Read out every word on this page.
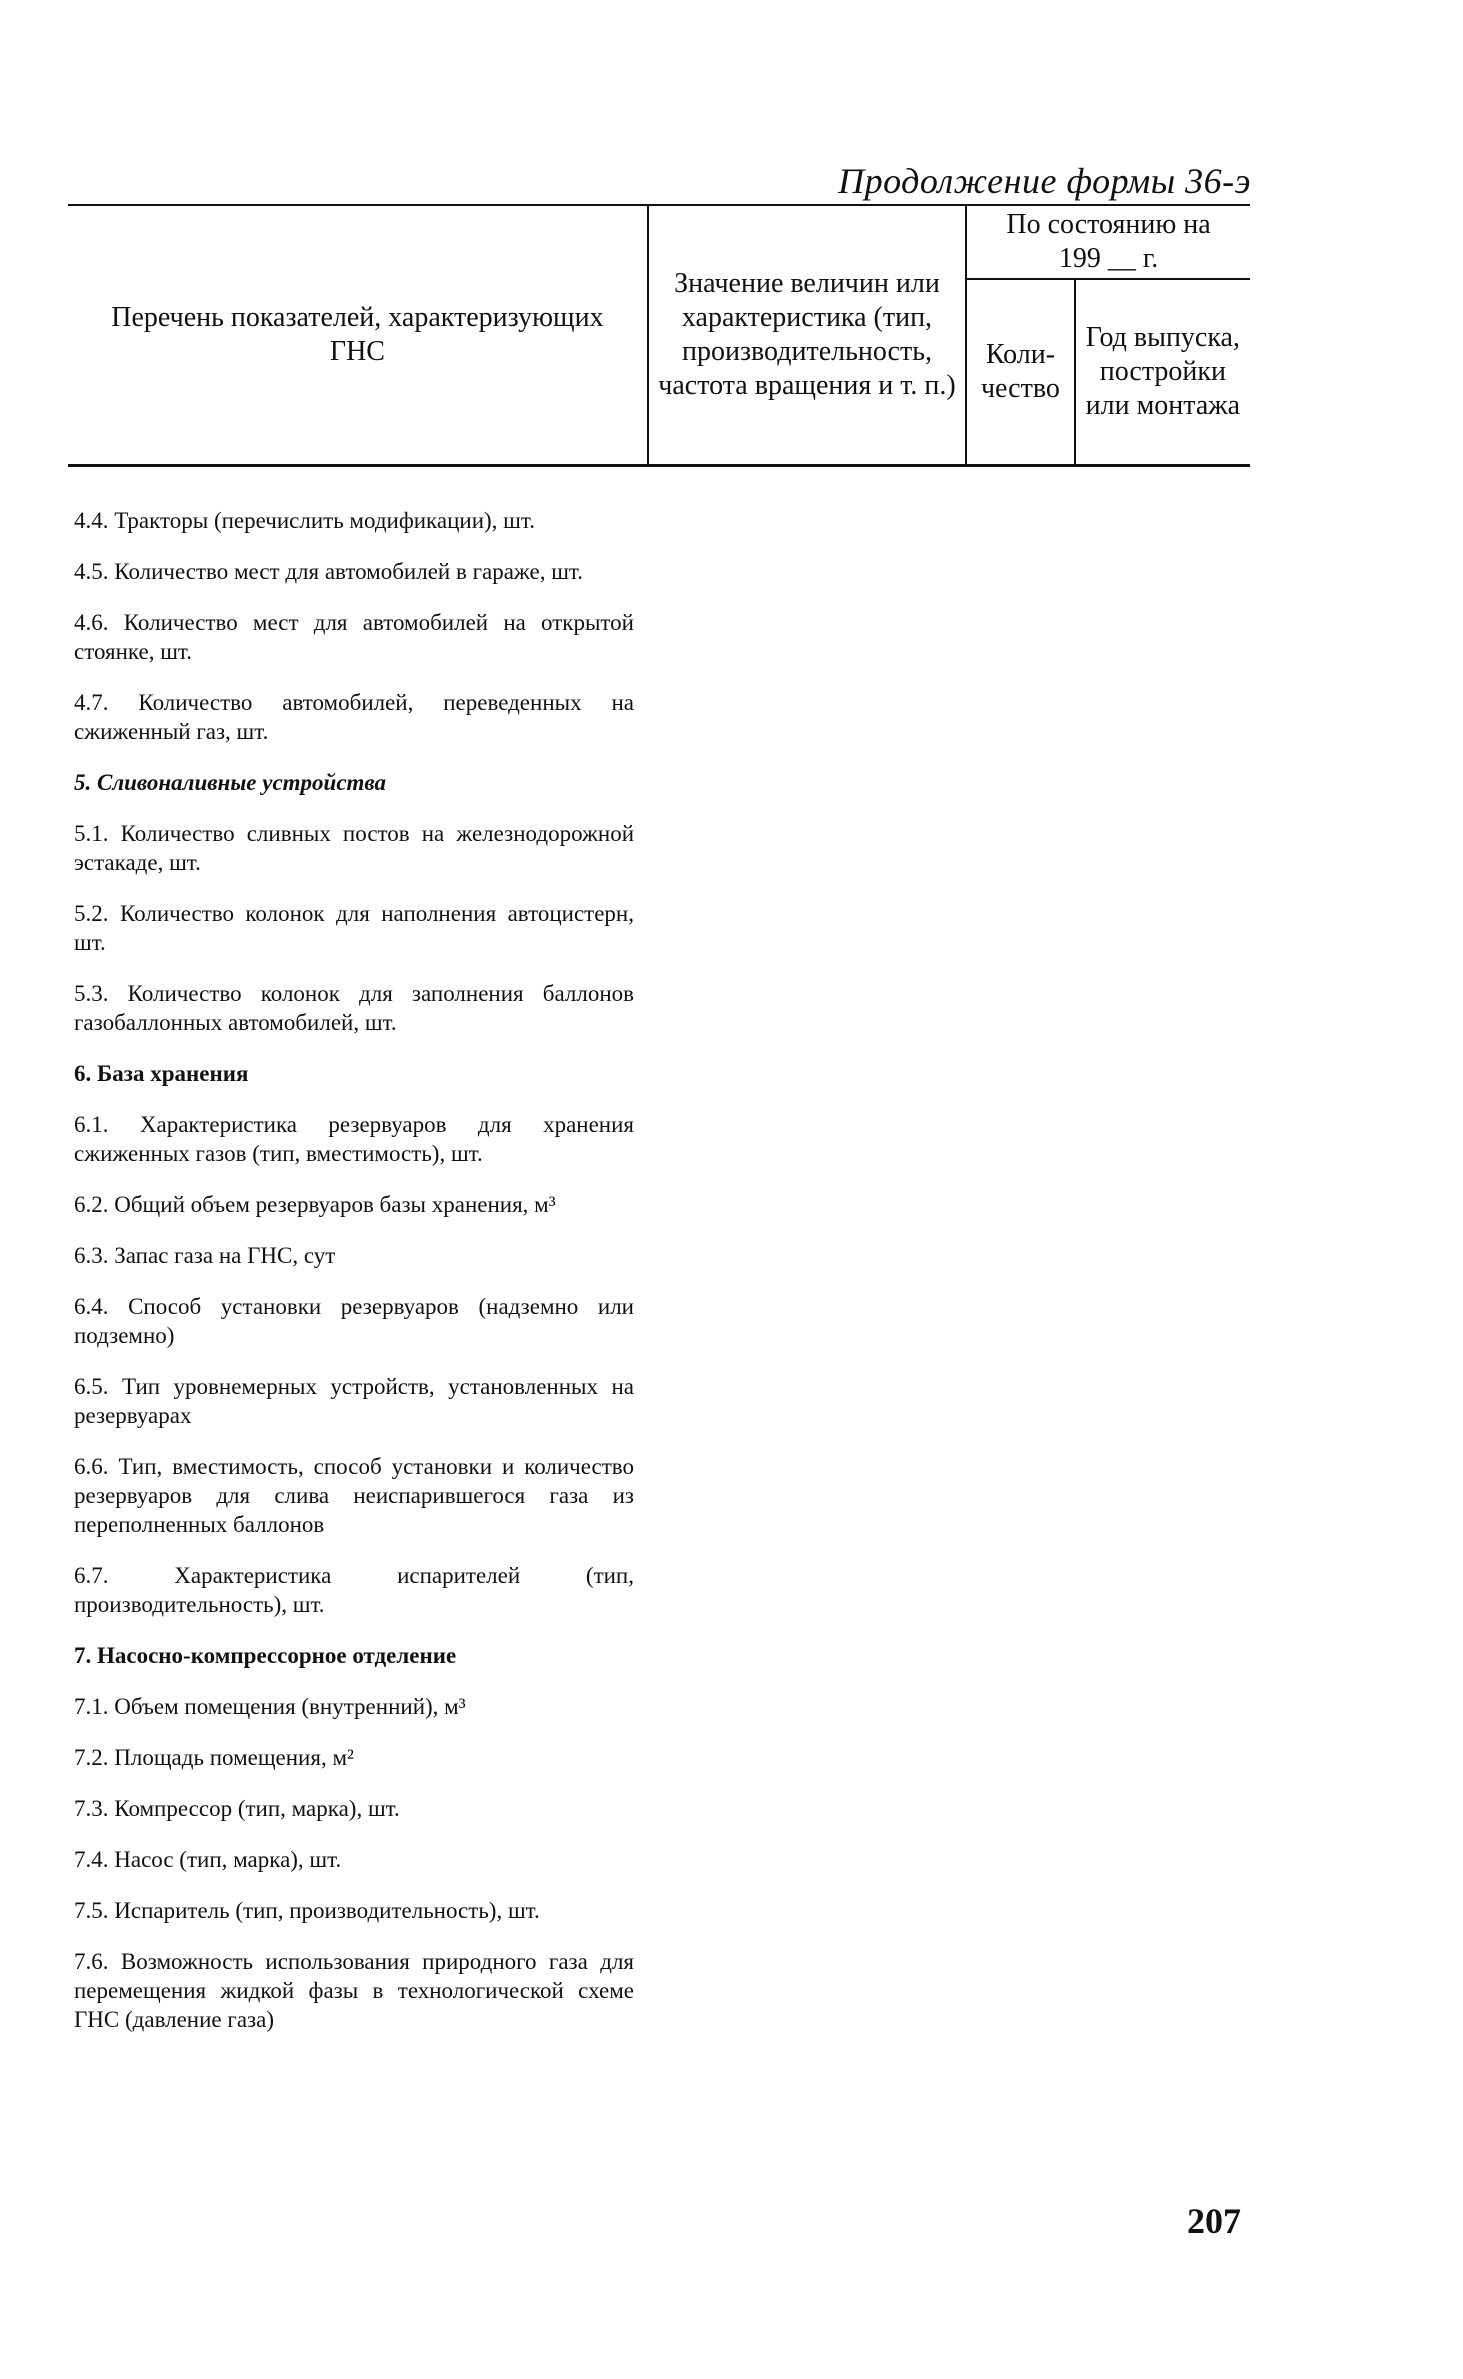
Продолжение формы 36-э
Перечень показателей, характеризующих ГНС	Значение величин или характеристика (тип, производительность, частота вращения и т. п.)	По состоянию на 199 __ г.	
		Коли-чество	Год выпуска, постройки или монтажа
4.4. Тракторы (перечислить модификации), шт.
4.5. Количество мест для автомобилей в гараже, шт.
4.6. Количество мест для автомобилей на открытой стоянке, шт.
4.7. Количество автомобилей, переведенных на сжиженный газ, шт.
5. Сливоналивные устройства
5.1. Количество сливных постов на железнодорожной эстакаде, шт.
5.2. Количество колонок для наполнения автоцистерн, шт.
5.3. Количество колонок для заполнения баллонов газобаллонных автомобилей, шт.
6. База хранения
6.1. Характеристика резервуаров для хранения сжиженных газов (тип, вместимость), шт.
6.2. Общий объем резервуаров базы хранения, м³
6.3. Запас газа на ГНС, сут
6.4. Способ установки резервуаров (надземно или подземно)
6.5. Тип уровнемерных устройств, установленных на резервуарах
6.6. Тип, вместимость, способ установки и количество резервуаров для слива неиспарившегося газа из переполненных баллонов
6.7. Характеристика испарителей (тип, производительность), шт.
7. Насосно-компрессорное отделение
7.1. Объем помещения (внутренний), м³
7.2. Площадь помещения, м²
7.3. Компрессор (тип, марка), шт.
7.4. Насос (тип, марка), шт.
7.5. Испаритель (тип, производительность), шт.
7.6. Возможность использования природного газа для перемещения жидкой фазы в технологической схеме ГНС (давление газа)
207
